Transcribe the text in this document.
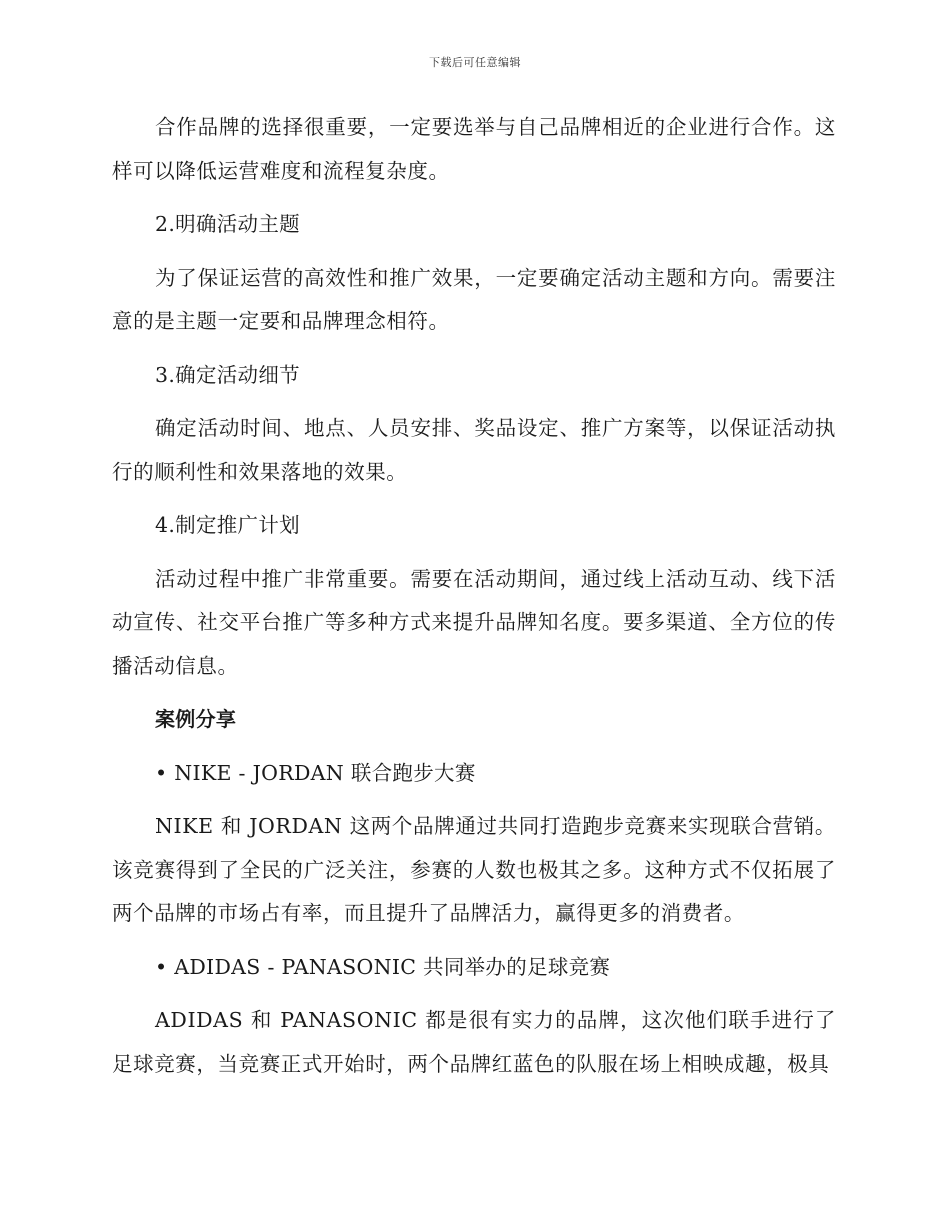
下载后可任意编辑

合作品牌的选择很重要，一定要选举与自己品牌相近的企业进行合作。这样可以降低运营难度和流程复杂度。

2.明确活动主题

为了保证运营的高效性和推广效果，一定要确定活动主题和方向。需要注意的是主题一定要和品牌理念相符。

3.确定活动细节

确定活动时间、地点、人员安排、奖品设定、推广方案等，以保证活动执行的顺利性和效果落地的效果。

4.制定推广计划

活动过程中推广非常重要。需要在活动期间，通过线上活动互动、线下活动宣传、社交平台推广等多种方式来提升品牌知名度。要多渠道、全方位的传播活动信息。

案例分享

• NIKE - JORDAN 联合跑步大赛

NIKE 和 JORDAN 这两个品牌通过共同打造跑步竞赛来实现联合营销。该竞赛得到了全民的广泛关注，参赛的人数也极其之多。这种方式不仅拓展了两个品牌的市场占有率，而且提升了品牌活力，赢得更多的消费者。

• ADIDAS - PANASONIC 共同举办的足球竞赛

ADIDAS 和 PANASONIC 都是很有实力的品牌，这次他们联手进行了足球竞赛，当竞赛正式开始时，两个品牌红蓝色的队服在场上相映成趣，极具
